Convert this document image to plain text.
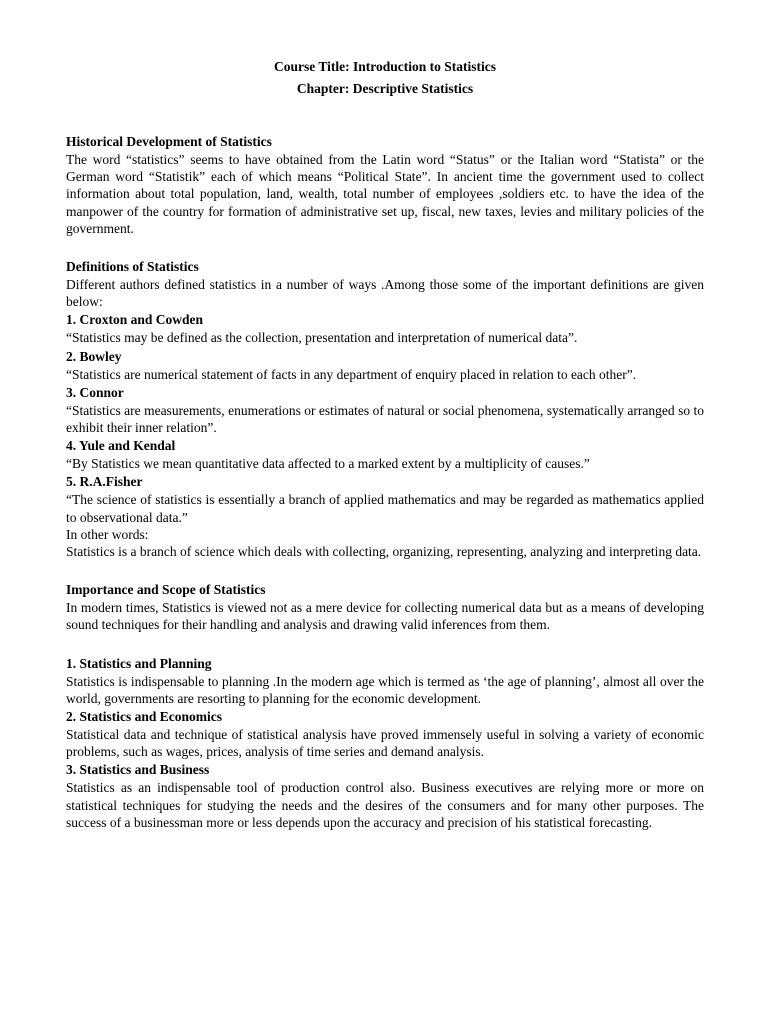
Course Title: Introduction to Statistics

Chapter: Descriptive Statistics

Historical Development of Statistics

The word “statistics” seems to have obtained from the Latin word “Status” or the Italian word “Statista” or the German word “Statistik” each of which means “Political State”. In ancient time the government used to collect information about total population, land, wealth, total number of employees ,soldiers etc. to have the idea of the manpower of the country for formation of administrative set up, fiscal, new taxes, levies and military policies of the government.

Definitions of Statistics

Different authors defined statistics in a number of ways .Among those some of the important definitions are given below:

1. Croxton and Cowden

“Statistics may be defined as the collection, presentation and interpretation of numerical data”.

2. Bowley

“Statistics are numerical statement of facts in any department of enquiry placed in relation to each other”.

3. Connor

“Statistics are measurements, enumerations or estimates of natural or social phenomena, systematically arranged so to exhibit their inner relation”.

4. Yule and Kendal

“By Statistics we mean quantitative data affected to a marked extent by a multiplicity of causes.”

5. R.A.Fisher

“The science of statistics is essentially a branch of applied mathematics and may be regarded as mathematics applied to observational data.”

In other words:

Statistics is a branch of science which deals with collecting, organizing, representing, analyzing and interpreting data.

Importance and Scope of Statistics

In modern times, Statistics is viewed not as a mere device for collecting numerical data but as a means of developing sound techniques for their handling and analysis and drawing valid inferences from them.

1. Statistics and Planning

Statistics is indispensable to planning .In the modern age which is termed as ‘the age of planning’, almost all over the world, governments are resorting to planning for the economic development.

2. Statistics and Economics

Statistical data and technique of statistical analysis have proved immensely useful in solving a variety of economic problems, such as wages, prices, analysis of time series and demand analysis.

3. Statistics and Business

Statistics as an indispensable tool of production control also. Business executives are relying more or more on statistical techniques for studying the needs and the desires of the consumers and for many other purposes. The success of a businessman more or less depends upon the accuracy and precision of his statistical forecasting.
